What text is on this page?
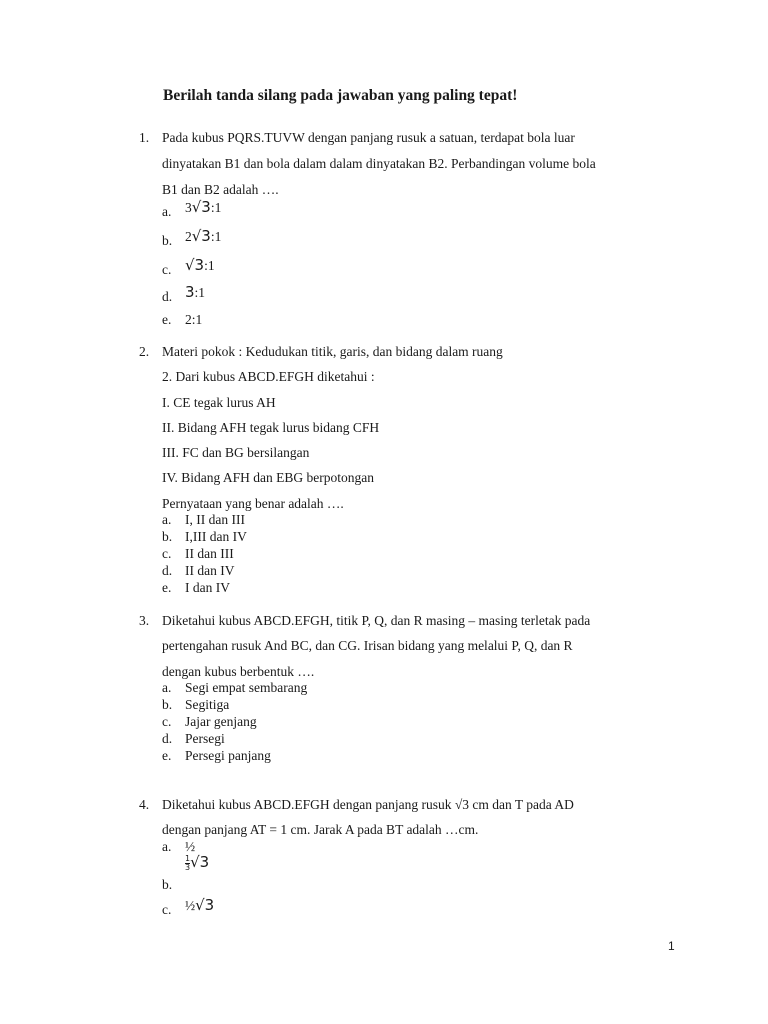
Berilah tanda silang pada jawaban yang paling tepat!
1. Pada kubus PQRS.TUVW dengan panjang rusuk a satuan, terdapat bola luar
dinyatakan B1 dan bola dalam dalam dinyatakan B2. Perbandingan volume bola
B1 dan B2 adalah ….
a. 3√3:1
b. 2√3:1
c. √3:1
d. 3:1
e. 2:1
2. Materi pokok : Kedudukan titik, garis, dan bidang dalam ruang
2. Dari kubus ABCD.EFGH diketahui :
I. CE tegak lurus AH
II. Bidang AFH tegak lurus bidang CFH
III. FC dan BG bersilangan
IV. Bidang AFH dan EBG berpotongan
Pernyataan yang benar adalah ….
a. I, II dan III
b. I,III dan IV
c. II dan III
d. II dan IV
e. I dan IV
3. Diketahui kubus ABCD.EFGH, titik P, Q, dan R masing – masing terletak pada
pertengahan rusuk And BC, dan CG. Irisan bidang yang melalui P, Q, dan R
dengan kubus berbentuk ….
a. Segi empat sembarang
b. Segitiga
c. Jajar genjang
d. Persegi
e. Persegi panjang
4. Diketahui kubus ABCD.EFGH dengan panjang rusuk √3 cm dan T pada AD
dengan panjang AT = 1 cm. Jarak A pada BT adalah …cm.
a. ½
$\frac{1}{3} √3$
b.
c. ½√3
1
